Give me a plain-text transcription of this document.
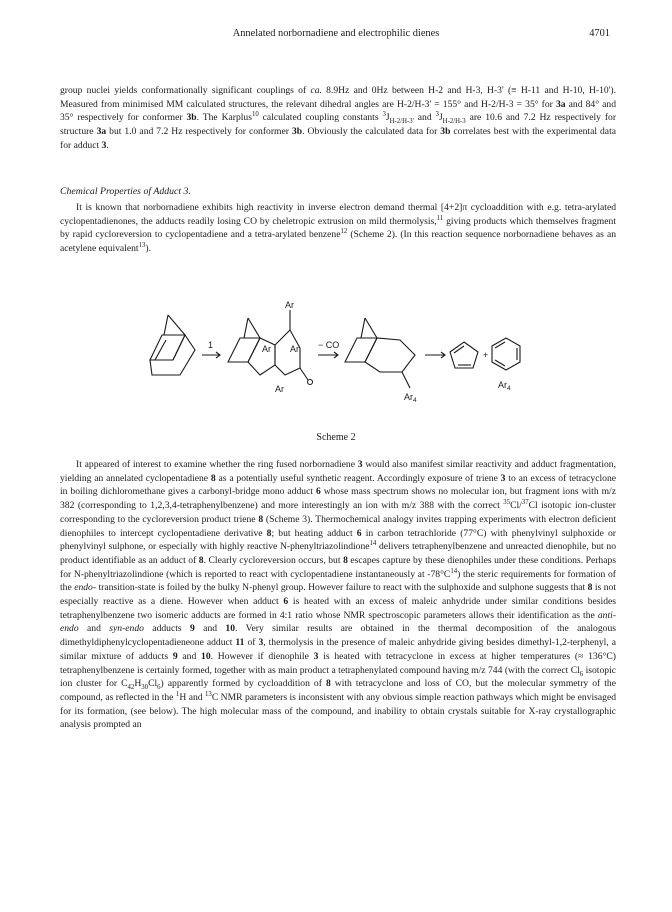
Annelated norbornadiene and electrophilic dienes	4701

group nuclei yields conformationally significant couplings of ca. 8.9Hz and 0Hz between H-2 and H-3, H-3' (≡ H-11 and H-10, H-10'). Measured from minimised MM calculated structures, the relevant dihedral angles are H-2/H-3' = 155° and H-2/H-3 = 35° for 3a and 84° and 35° respectively for conformer 3b. The Karplus$^{10}$ calculated coupling constants $^3J_{H-2/H-3'}$ and $^3J_{H-2/H-3}$ are 10.6 and 7.2 Hz respectively for structure 3a but 1.0 and 7.2 Hz respectively for conformer 3b. Obviously the calculated data for 3b correlates best with the experimental data for adduct 3.

Chemical Properties of Adduct 3.

It is known that norbornadiene exhibits high reactivity in inverse electron demand thermal [4+2]π cycloaddition with e.g. tetra-arylated cyclopentadienones, the adducts readily losing CO by cheletropic extrusion on mild thermolysis,$^{11}$ giving products which themselves fragment by rapid cycloreversion to cyclopentadiene and a tetra-arylated benzene$^{12}$ (Scheme 2). (In this reaction sequence norbornadiene behaves as an acetylene equivalent$^{13}$).

1
Ar
Ar Ar
Ar
− CO
$Ar_4$
+
$Ar_4$
Scheme 2

It appeared of interest to examine whether the ring fused norbornadiene 3 would also manifest similar reactivity and adduct fragmentation, yielding an annelated cyclopentadiene 8 as a potentially useful synthetic reagent. Accordingly exposure of triene 3 to an excess of tetracyclone in boiling dichloromethane gives a carbonyl-bridge mono adduct 6 whose mass spectrum shows no molecular ion, but fragment ions with m/z 382 (corresponding to 1,2,3,4-tetraphenylbenzene) and more interestingly an ion with m/z 388 with the correct $^{35}$Cl/$^{37}$Cl isotopic ion-cluster corresponding to the cycloreversion product triene 8 (Scheme 3). Thermochemical analogy invites trapping experiments with electron deficient dienophiles to intercept cyclopentadiene derivative 8; but heating adduct 6 in carbon tetrachloride (77°C) with phenylvinyl sulphoxide or phenylvinyl sulphone, or especially with highly reactive N-phenyltriazolindione$^{14}$ delivers tetraphenylbenzene and unreacted dienophile, but no product identifiable as an adduct of 8. Clearly cycloreversion occurs, but 8 escapes capture by these dienophiles under these conditions. Perhaps for N-phenyltriazolindione (which is reported to react with cyclopentadiene instantaneously at $-78^\circ C^{14}$) the steric requirements for formation of the endo- transition-state is foiled by the bulky N-phenyl group. However failure to react with the sulphoxide and sulphone suggests that 8 is not especially reactive as a diene. However when adduct 6 is heated with an excess of maleic anhydride under similar conditions besides tetraphenylbenzene two isomeric adducts are formed in 4:1 ratio whose NMR spectroscopic parameters allows their identification as the anti-endo and syn-endo adducts 9 and 10. Very similar results are obtained in the thermal decomposition of the analogous dimethyldiphenylcyclopentadieneone adduct 11 of 3, thermolysis in the presence of maleic anhydride giving besides dimethyl-1,2-terphenyl, a similar mixture of adducts 9 and 10. However if dienophile 3 is heated with tetracyclone in excess at higher temperatures (≈ 136°C) tetraphenylbenzene is certainly formed, together with as main product a tetraphenylated compound having m/z 744 (with the correct $Cl_6$ isotopic ion cluster for $C_{42}H_{30}Cl_6$) apparently formed by cycloaddition of 8 with tetracyclone and loss of CO, but the molecular symmetry of the compound, as reflected in the $^1$H and $^{13}$C NMR parameters is inconsistent with any obvious simple reaction pathways which might be envisaged for its formation, (see below). The high molecular mass of the compound, and inability to obtain crystals suitable for X-ray crystallographic analysis prompted an
